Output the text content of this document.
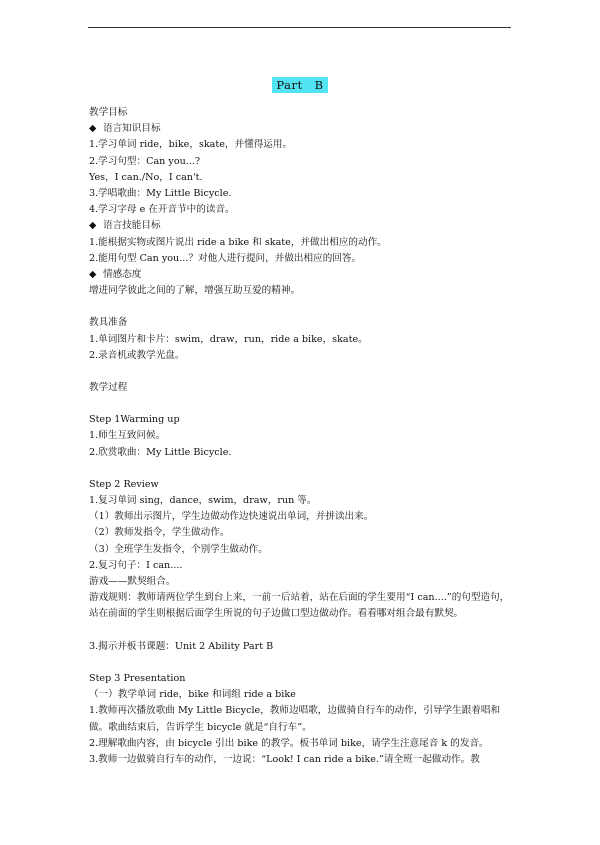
Part　B
教学目标
◆ 语言知识目标
1.学习单词 ride，bike，skate，并懂得运用。
2.学习句型：Can you...?
Yes，I can./No，I can't.
3.学唱歌曲：My Little Bicycle.
4.学习字母 e 在开音节中的读音。
◆ 语言技能目标
1.能根据实物或图片说出 ride a bike 和 skate，并做出相应的动作。
2.能用句型 Can you...？对他人进行提问，并做出相应的回答。
◆ 情感态度
增进同学彼此之间的了解，增强互助互爱的精神。
教具准备
1.单词图片和卡片：swim，draw，run，ride a bike，skate。
2.录音机或教学光盘。
教学过程
Step 1Warming up
1.师生互致问候。
2.欣赏歌曲：My Little Bicycle.
Step 2 Review
1.复习单词 sing，dance，swim，draw，run 等。
（1）教师出示图片，学生边做动作边快速说出单词，并拼读出来。
（2）教师发指令，学生做动作。
（3）全班学生发指令，个别学生做动作。
2.复习句子：I can....
游戏——默契组合。
游戏规则：教师请两位学生到台上来，一前一后站着，站在后面的学生要用“I can....”的句型造句，站在前面的学生则根据后面学生所说的句子边做口型边做动作。看看哪对组合最有默契。
3.揭示并板书课题：Unit 2 Ability Part B
Step 3 Presentation
（一）教学单词 ride，bike 和词组 ride a bike
1.教师再次播放歌曲 My Little Bicycle，教师边唱歌，边做骑自行车的动作，引导学生跟着唱和做。歌曲结束后，告诉学生 bicycle 就是“自行车”。
2.理解歌曲内容，由 bicycle 引出 bike 的教学。板书单词 bike，请学生注意尾音 k 的发音。
3.教师一边做骑自行车的动作，一边说：“Look! I can ride a bike.”请全班一起做动作。教
